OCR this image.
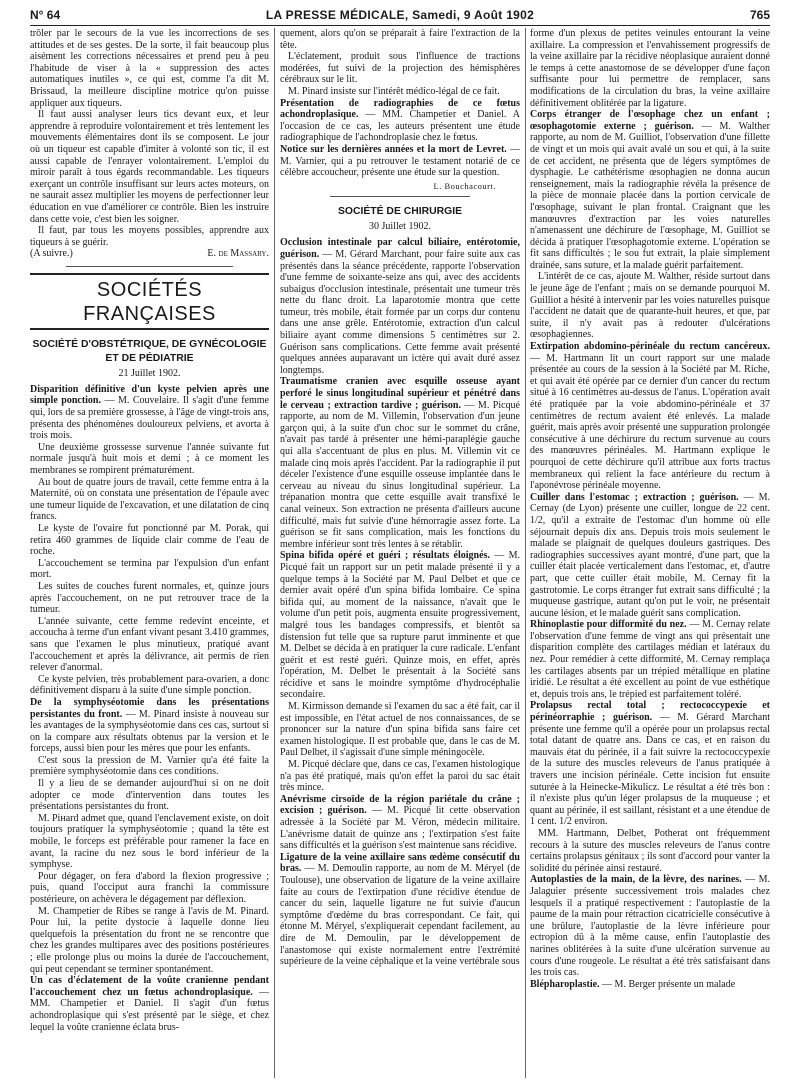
N° 64	LA PRESSE MÉDICALE, Samedi, 9 Août 1902	765

trôler par le secours de la vue les incorrections de ses attitudes et de ses gestes. De la sorte, il fait beaucoup plus aisément les corrections nécessaires et prend peu à peu l'habitude de viser à la « suppression des actes automatiques inutiles », ce qui est, comme l'a dit M. Brissaud, la meilleure discipline motrice qu'on puisse appliquer aux tiqueurs.

Il faut aussi analyser leurs tics devant eux, et leur apprendre à reproduire volontairement et très lentement les mouvements élémentaires dont ils se composent. Le jour où un tiqueur est capable d'imiter à volonté son tic, il est aussi capable de l'enrayer volontairement. L'emploi du miroir paraît à tous égards recommandable. Les tiqueurs exerçant un contrôle insuffisant sur leurs actes moteurs, on ne saurait assez multiplier les moyens de perfectionner leur éducation en vue d'améliorer ce contrôle. Bien les instruire dans cette voie, c'est bien les soigner.

Il faut, par tous les moyens possibles, apprendre aux tiqueurs à se guérir.

(A suivre.)	E. de Massary.

SOCIÉTÉS FRANÇAISES
SOCIÉTÉ D'OBSTÉTRIQUE, DE GYNÉCOLOGIE ET DE PÉDIATRIE

21 Juillet 1902.

Disparition définitive d'un kyste pelvien après une simple ponction. — M. Couvelaire. Il s'agit d'une femme qui, lors de sa première grossesse, à l'âge de vingt-trois ans, présenta des phénomènes douloureux pelviens, et avorta à trois mois.

Une deuxième grossesse survenue l'année suivante fut normale jusqu'à huit mois et demi ; à ce moment les membranes se rompirent prématurément.

Au bout de quatre jours de travail, cette femme entra à la Maternité, où on constata une présentation de l'épaule avec une tumeur liquide de l'excavation, et une dilatation de cinq francs.

Le kyste de l'ovaire fut ponctionné par M. Porak, qui retira 460 grammes de liquide clair comme de l'eau de roche.

L'accouchement se termina par l'expulsion d'un enfant mort.

Les suites de couches furent normales, et, quinze jours après l'accouchement, on ne put retrouver trace de la tumeur.

L'année suivante, cette femme redevint enceinte, et accoucha à terme d'un enfant vivant pesant 3.410 grammes, sans que l'examen le plus minutieux, pratiqué avant l'accouchement et après la délivrance, ait permis de rien relever d'anormal.

Ce kyste pelvien, très probablement para-ovarien, a donc définitivement disparu à la suite d'une simple ponction.

De la symphyséotomie dans les présentations persistantes du front. — M. Pinard insiste à nouveau sur les avantages de la symphyséotomie dans ces cas, surtout si on la compare aux résultats obtenus par la version et le forceps, aussi bien pour les mères que pour les enfants.

C'est sous la pression de M. Varnier qu'a été faite la première symphyséotomie dans ces conditions.

Il y a lieu de se demander aujourd'hui si on ne doit adopter ce mode d'intervention dans toutes les présentations persistantes du front.

M. Piнard admet que, quand l'enclavement existe, on doit toujours pratiquer la symphyséotomie ; quand la tête est mobile, le forceps est préférable pour ramener la face en avant, la racine du nez sous le bord inférieur de la symphyse.

Pour dégager, on fera d'abord la flexion progressive ; puis, quand l'occiput aura franchi la commissure postérieure, on achèvera le dégagement par déflexion.

M. Champetier de Ribes se range à l'avis de M. Pinard. Pour lui, la petite dystocie à laquelle donne lieu quelquefois la présentation du front ne se rencontre que chez les grandes multipares avec des positions postérieures ; elle prolonge plus ou moins la durée de l'accouchement, qui peut cependant se terminer spontanément.

Un cas d'éclatement de la voûte cranienne pendant l'accouchement chez un fœtus achondroplasique. — MM. Champetier et Daniel. Il s'agit d'un fœtus achondroplasique qui s'est présenté par le siège, et chez lequel la voûte cranienne éclata brus-

quement, alors qu'on se préparait à faire l'extraction de la tête.

L'éclatement, produit sous l'influence de tractions modérées, fut suivi de la projection des hémisphères cérébraux sur le lit.

M. Pinard insiste sur l'intérêt médico-légal de ce fait.

Présentation de radiographies de ce fœtus achondroplasique. — MM. Champetier et Daniel. A l'occasion de ce cas, les auteurs présentent une étude radiographique de l'achondroplasie chez le fœtus.

Notice sur les dernières années et la mort de Levret. — M. Varnier, qui a pu retrouver le testament notarié de ce célèbre accoucheur, présente une étude sur la question.

L. Bouchacourt.

SOCIÉTÉ DE CHIRURGIE

30 Juillet 1902.

Occlusion intestinale par calcul biliaire, entérotomie, guérison. — M. Gérard Marchant, pour faire suite aux cas présentés dans la séance précédente, rapporte l'observation d'une femme de soixante-seize ans qui, avec des accidents subaigus d'occlusion intestinale, présentait une tumeur très nette du flanc droit. La laparotomie montra que cette tumeur, très mobile, était formée par un corps dur contenu dans une anse grêle. Entérotomie, extraction d'un calcul biliaire ayant comme dimensions 5 centimètres sur 2. Guérison sans complications. Cette femme avait présenté quelques années auparavant un ictère qui avait duré assez longtemps.

Traumatisme cranien avec esquille osseuse ayant perforé le sinus longitudinal supérieur et pénétré dans le cerveau ; extraction tardive ; guérison. — M. Picqué rapporte, au nom de M. Villemin, l'observation d'un jeune garçon qui, à la suite d'un choc sur le sommet du crâne, n'avait pas tardé à présenter une hémi-paraplégie gauche qui alla s'accentuant de plus en plus. M. Villemin vit ce malade cinq mois après l'accident. Par la radiographie il put déceler l'existence d'une esquille osseuse implantée dans le cerveau au niveau du sinus longitudinal supérieur. La trépanation montra que cette esquille avait transfixé le canal veineux. Son extraction ne présenta d'ailleurs aucune difficulté, mais fut suivie d'une hémorragie assez forte. La guérison se fit sans complication, mais les fonctions du membre inférieur sont très lentes à se rétablir.

Spina bifida opéré et guéri ; résultats éloignés. — M. Picqué fait un rapport sur un petit malade présenté il y a quelque temps à la Société par M. Paul Delbet et que ce dernier avait opéré d'un spina bifida lombaire. Ce spina bifida qui, au moment de la naissance, n'avait que le volume d'un petit pois, augmenta ensuite progressivement, malgré tous les bandages compressifs, et bientôt sa distension fut telle que sa rupture parut imminente et que M. Delbet se décida à en pratiquer la cure radicale. L'enfant guérit et est resté guéri. Quinze mois, en effet, après l'opération, M. Delbet le présentait à la Société sans récidive et sans le moindre symptôme d'hydrocéphalie secondaire.

M. Kirmisson demande si l'examen du sac a été fait, car il est impossible, en l'état actuel de nos connaissances, de se prononcer sur la nature d'un spina bifida sans faire cet examen histologique. Il est probable que, dans le cas de M. Paul Delbet, il s'agissait d'une simple méningocèle.

M. Picqué déclare que, dans ce cas, l'examen histologique n'a pas été pratiqué, mais qu'on effet la paroi du sac était très mince.

Anévrisme cirsoïde de la région pariétale du crâne ; excision ; guérison. — M. Picqué lit cette observation adressée à la Société par M. Véron, médecin militaire. L'anévrisme datait de quinze ans ; l'extirpation s'est faite sans difficultés et la guérison s'est maintenue sans récidive.

Ligature de la veine axillaire sans œdème consécutif du bras. — M. Demoulin rapporte, au nom de M. Méryel (de Toulouse), une observation de ligature de la veine axillaire faite au cours de l'extirpation d'une récidive étendue de cancer du sein, laquelle ligature ne fut suivie d'aucun symptôme d'œdème du bras correspondant. Ce fait, qui étonne M. Méryel, s'expliquerait cependant facilement, au dire de M. Demoulin, par le développement de l'anastomose qui existe normalement entre l'extrémité supérieure de la veine céphalique et la veine vertébrale sous

forme d'un plexus de petites veinules entourant la veine axillaire. La compression et l'envahissement progressifs de la veine axillaire par la récidive néoplasique auraient donné le temps à cette anastomose de se développer d'une façon suffisante pour lui permettre de remplacer, sans modifications de la circulation du bras, la veine axillaire définitivement oblitérée par la ligature.

Corps étranger de l'œsophage chez un enfant ; œsophagotomie externe ; guérison. — M. Walther rapporte, au nom de M. Guilliot, l'observation d'une fillette de vingt et un mois qui avait avalé un sou et qui, à la suite de cet accident, ne présenta que de légers symptômes de dysphagie. Le cathétérisme œsophagien ne donna aucun renseignement, mais la radiographie révéla la présence de la pièce de monnaie placée dans la portion cervicale de l'œsophage, suivant le plan frontal. Craignant que les manœuvres d'extraction par les voies naturelles n'amenassent une déchirure de l'œsophage, M. Guilliot se décida à pratiquer l'œsophagotomie externe. L'opération se fit sans difficultés ; le sou fut extrait, la plaie simplement drainée, sans suture, et la malade guérit parfaitement.

L'intérêt de ce cas, ajoute M. Walther, réside surtout dans le jeune âge de l'enfant ; mais on se demande pourquoi M. Guilliot a hésité à intervenir par les voies naturelles puisque l'accident ne datait que de quarante-huit heures, et que, par suite, il n'y avait pas à redouter d'ulcérations œsophagiennes.

Extirpation abdomino-périnéale du rectum cancéreux. — M. Hartmann lit un court rapport sur une malade présentée au cours de la session à la Société par M. Riche, et qui avait été opérée par ce dernier d'un cancer du rectum situé à 16 centimètres au-dessus de l'anus. L'opération avait été pratiquée par la voie abdomino-périnéale et 37 centimètres de rectum avaient été enlevés. La malade guérit, mais après avoir présenté une suppuration prolongée consécutive à une déchirure du rectum survenue au cours des manœuvres périnéales. M. Hartmann explique le pourquoi de cette déchirure qu'il attribue aux forts tractus membraneux qui relient la face antérieure du rectum à l'aponévrose périnéale moyenne.

Cuiller dans l'estomac ; extraction ; guérison. — M. Cernay (de Lyon) présente une cuiller, longue de 22 cent. 1/2, qu'il a extraite de l'estomac d'un homme où elle séjournait depuis dix ans. Depuis trois mois seulement le malade se plaignait de quelques douleurs gastriques. Des radiographies successives ayant montré, d'une part, que la cuiller était placée verticalement dans l'estomac, et, d'autre part, que cette cuiller était mobile, M. Cernay fit la gastrotomie. Le corps étranger fut extrait sans difficulté ; la muqueuse gastrique, autant qu'on put le voir, ne présentait aucune lésion, et le malade guérit sans complication.

Rhinoplastie pour difformité du nez. — M. Cernay relate l'observation d'une femme de vingt ans qui présentait une disparition complète des cartilages médian et latéraux du nez. Pour remédier à cette difformité, M. Cernay remplaça les cartilages absents par un trépied métallique en platine iridié. Le résultat a été excellent au point de vue esthétique et, depuis trois ans, le trépied est parfaitement toléré.

Prolapsus rectal total ; rectococcypexie et périnéorraphie ; guérison. — M. Gérard Marchant présente une femme qu'il a opérée pour un prolapsus rectal total datant de quatre ans. Dans ce cas, et en raison du mauvais état du périnée, il a fait suivre la rectococcypexie de la suture des muscles releveurs de l'anus pratiquée à travers une incision périnéale. Cette incision fut ensuite suturée à la Heinecke-Mikulicz. Le résultat a été très bon : il n'existe plus qu'un léger prolapsus de la muqueuse ; et quant au périnée, il est saillant, résistant et a une étendue de 1 cent. 1/2 environ.

MM. Hartmann, Delbet, Potherat ont fréquemment recours à la suture des muscles releveurs de l'anus contre certains prolapsus génitaux ; ils sont d'accord pour vanter la solidité du périnée ainsi restauré.

Autoplasties de la main, de la lèvre, des narines. — M. Jalaguier présente successivement trois malades chez lesquels il a pratiqué respectivement : l'autoplastie de la paume de la main pour rétraction cicatricielle consécutive à une brûlure, l'autoplastie de la lèvre inférieure pour ectropion dû à la même cause, enfin l'autoplastie des narines oblitérées à la suite d'une ulcération survenue au cours d'une rougeole. Le résultat a été très satisfaisant dans les trois cas.

Blépharoplastie. — M. Berger présente un malade
